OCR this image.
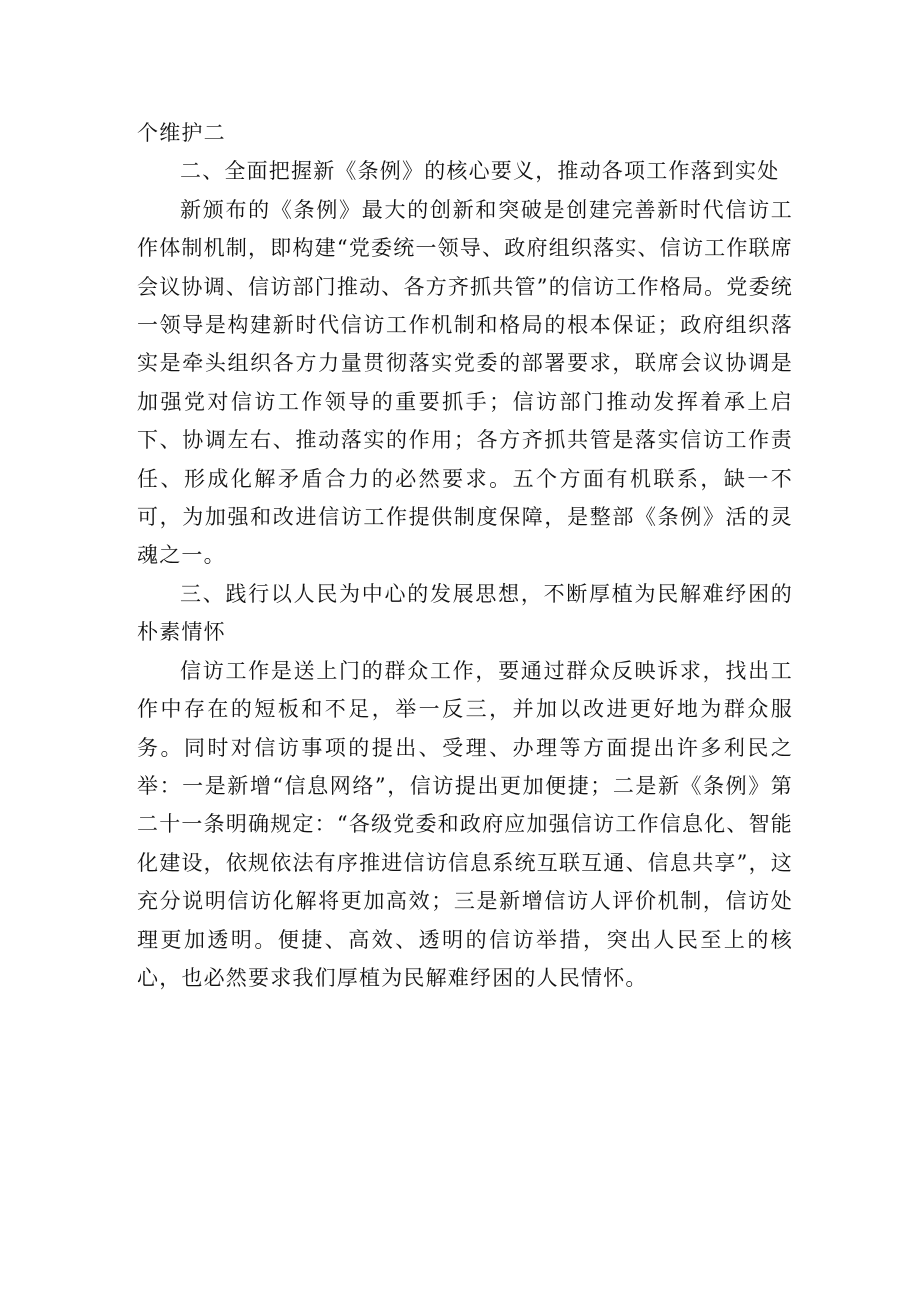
个维护二

二、全面把握新《条例》的核心要义，推动各项工作落到实处

新颁布的《条例》最大的创新和突破是创建完善新时代信访工作体制机制，即构建“党委统一领导、政府组织落实、信访工作联席会议协调、信访部门推动、各方齐抓共管”的信访工作格局。党委统一领导是构建新时代信访工作机制和格局的根本保证；政府组织落实是牵头组织各方力量贯彻落实党委的部署要求，联席会议协调是加强党对信访工作领导的重要抓手；信访部门推动发挥着承上启下、协调左右、推动落实的作用；各方齐抓共管是落实信访工作责任、形成化解矛盾合力的必然要求。五个方面有机联系，缺一不可，为加强和改进信访工作提供制度保障，是整部《条例》活的灵魂之一。

三、践行以人民为中心的发展思想，不断厚植为民解难纾困的朴素情怀

信访工作是送上门的群众工作，要通过群众反映诉求，找出工作中存在的短板和不足，举一反三，并加以改进更好地为群众服务。同时对信访事项的提出、受理、办理等方面提出许多利民之举：一是新增“信息网络”，信访提出更加便捷；二是新《条例》第二十一条明确规定：“各级党委和政府应加强信访工作信息化、智能化建设，依规依法有序推进信访信息系统互联互通、信息共享”，这充分说明信访化解将更加高效；三是新增信访人评价机制，信访处理更加透明。便捷、高效、透明的信访举措，突出人民至上的核心，也必然要求我们厚植为民解难纾困的人民情怀。
